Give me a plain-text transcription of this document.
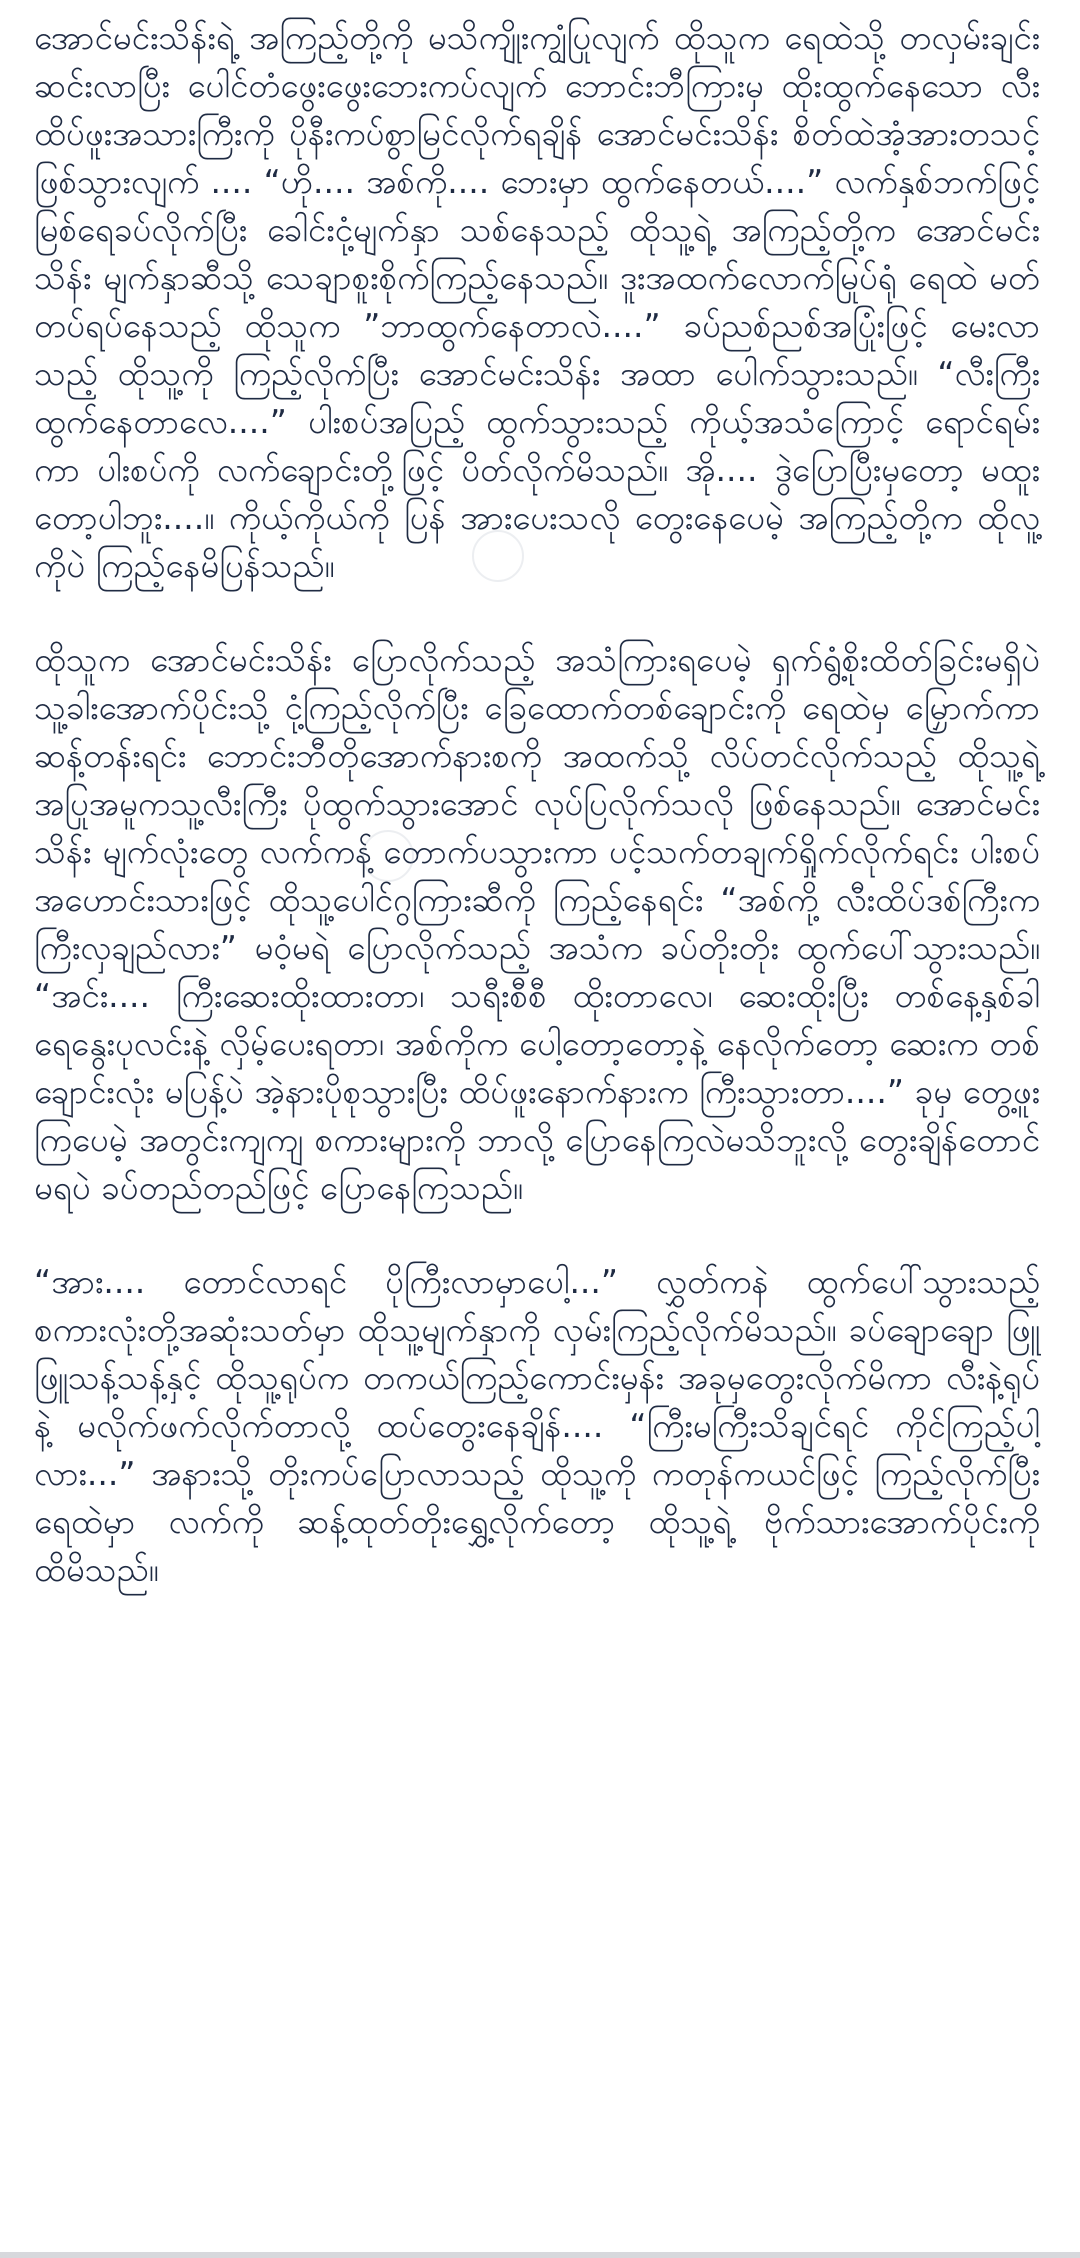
အောင်မင်းသိန်းရဲ့ အကြည့်တို့ကို မသိကျိုးကျွံပြုလျက် ထိုသူက ရေထဲသို့ တလှမ်းချင်းဆင်းလာပြီး ပေါင်တံဖွေးဖွေးဘေးကပ်လျက် ဘောင်းဘီကြားမှ ထိုးထွက်နေသော လီးထိပ်ဖူးအသားကြီးကို ပိုနီးကပ်စွာမြင်လိုက်ရချိန် အောင်မင်းသိန်း စိတ်ထဲအံ့အားတသင့် ဖြစ်သွားလျက် .... “ဟို.... အစ်ကို.... ဘေးမှာ ထွက်နေတယ်....” လက်နှစ်ဘက်ဖြင့် မြစ်ရေခပ်လိုက်ပြီး ခေါင်းငုံ့မျက်နှာ သစ်နေသည့် ထိုသူ့ရဲ့ အကြည့်တို့က အောင်မင်းသိန်း မျက်နှာဆီသို့ သေချာစူးစိုက်ကြည့်နေသည်။ ဒူးအထက်လောက်မြုပ်ရုံ ရေထဲ မတ်တပ်ရပ်နေသည့် ထိုသူက ”ဘာထွက်နေတာလဲ....” ခပ်ညစ်ညစ်အပြုံးဖြင့် မေးလာသည့် ထိုသူ့ကို ကြည့်လိုက်ပြီး အောင်မင်းသိန်း အထာ ပေါက်သွားသည်။ “လီးကြီး ထွက်နေတာလေ....” ပါးစပ်အပြည့် ထွက်သွားသည့် ကိုယ့်အသံကြောင့် ရောင်ရမ်းကာ ပါးစပ်ကို လက်ချောင်းတို့ဖြင့် ပိတ်လိုက်မိသည်။ အို.... ဒွဲပြောပြီးမှတော့ မထူးတော့ပါဘူး....။ ကိုယ့်ကိုယ်ကို ပြန် အားပေးသလို တွေးနေပေမဲ့ အကြည့်တို့က ထိုလူ့ကိုပဲ ကြည့်နေမိပြန်သည်။

ထိုသူက အောင်မင်းသိန်း ပြောလိုက်သည့် အသံကြားရပေမဲ့ ရှက်ရွံ့စိုးထိတ်ခြင်းမရှိပဲ သူ့ခါးအောက်ပိုင်းသို့ ငုံ့ကြည့်လိုက်ပြီး ခြေထောက်တစ်ချောင်းကို ရေထဲမှ မြှောက်ကာ ဆန့်တန်းရင်း ဘောင်းဘီတိုအောက်နားစကို အထက်သို့ လိပ်တင်လိုက်သည့် ထိုသူ့ရဲ့ အပြုအမူကသူ့လီးကြီး ပိုထွက်သွားအောင် လုပ်ပြလိုက်သလို ဖြစ်နေသည်။ အောင်မင်းသိန်း မျက်လုံးတွေ လက်ကန့် တောက်ပသွားကာ ပင့်သက်တချက်ရှိုက်လိုက်ရင်း ပါးစပ်အဟောင်းသားဖြင့် ထိုသူ့ပေါင်ဂွကြားဆီကို ကြည့်နေရင်း “အစ်ကို့ လီးထိပ်ဒစ်ကြီးက ကြီးလှချည်လား” မဝံ့မရဲ ပြောလိုက်သည့် အသံက ခပ်တိုးတိုး ထွက်ပေါ်သွားသည်။ “အင်း.... ကြီးဆေးထိုးထားတာ၊ သရီးစီစီ ထိုးတာလေ၊ ဆေးထိုးပြီး တစ်နေ့နှစ်ခါ ရေနွေးပုလင်းနဲ့ လှိမ့်ပေးရတာ၊ အစ်ကိုက ပေါ့တော့တော့နဲ့ နေလိုက်တော့ ဆေးက တစ်ချောင်းလုံး မပြန့်ပဲ အဲ့နားပိုစုသွားပြီး ထိပ်ဖူးနောက်နားက ကြီးသွားတာ....” ခုမှ တွေ့ဖူးကြပေမဲ့ အတွင်းကျကျ စကားများကို ဘာလို့ ပြောနေကြလဲမသိဘူးလို့ တွေးချိန်တောင်မရပဲ ခပ်တည်တည်ဖြင့် ပြောနေကြသည်။

“အား.... တောင်လာရင် ပိုကြီးလာမှာပေါ့...” လွှတ်ကနဲ ထွက်ပေါ်သွားသည့် စကားလုံးတို့အဆုံးသတ်မှာ ထိုသူ့မျက်နှာကို လှမ်းကြည့်လိုက်မိသည်။ ခပ်ချောချော ဖြူဖြူသန့်သန့်နှင့် ထိုသူ့ရုပ်က တကယ်ကြည့်ကောင်းမှန်း အခုမှတွေးလိုက်မိကာ လီးနဲ့ရုပ်နဲ့ မလိုက်ဖက်လိုက်တာလို့ ထပ်တွေးနေချိန်.... “ကြီးမကြီးသိချင်ရင် ကိုင်ကြည့်ပါ့လား...” အနားသို့ တိုးကပ်ပြောလာသည့် ထိုသူ့ကို ကတုန်ကယင်ဖြင့် ကြည့်လိုက်ပြီး ရေထဲမှာ လက်ကို ဆန့်ထုတ်တိုးရွှေ့လိုက်တော့ ထိုသူ့ရဲ့ ဗိုက်သားအောက်ပိုင်းကို ထိမိသည်။
